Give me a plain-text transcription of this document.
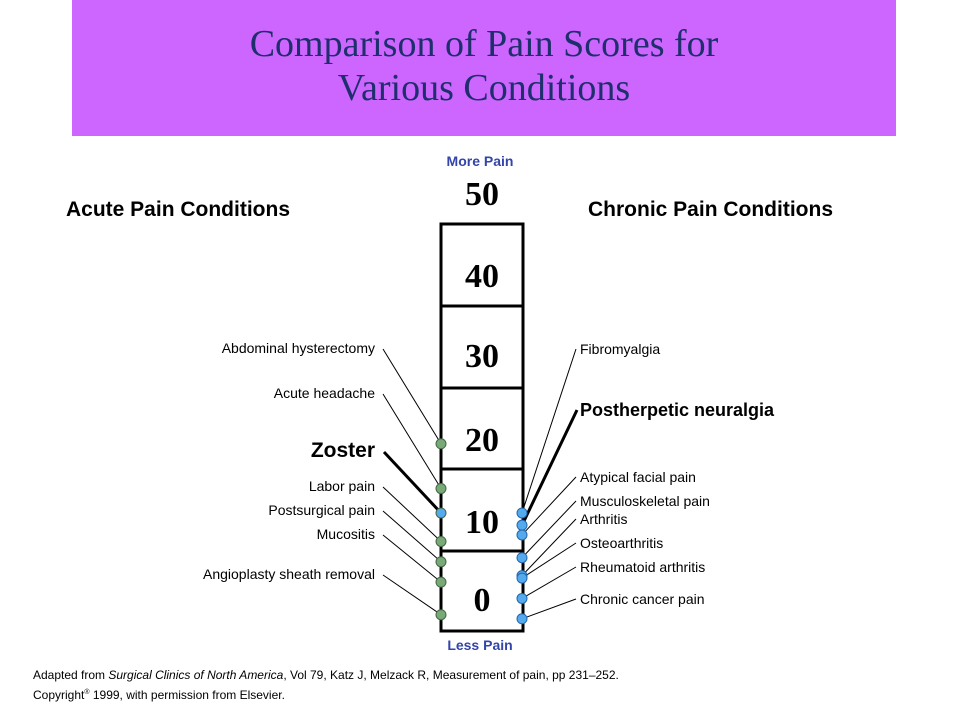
Comparison of Pain Scores for
Various Conditions
Acute Pain Conditions	Chronic Pain Conditions
More Pain
Less Pain
50
40
30
20
10
0
Abdominal hysterectomy
Acute headache
Zoster
Labor pain
Postsurgical pain
Mucositis
Angioplasty sheath removal
Fibromyalgia
Postherpetic neuralgia
Atypical facial pain
Musculoskeletal pain
Arthritis
Osteoarthritis
Rheumatoid arthritis
Chronic cancer pain
Adapted from Surgical Clinics of North America, Vol 79, Katz J, Melzack R, Measurement of pain, pp 231–252.
Copyright® 1999, with permission from Elsevier.
